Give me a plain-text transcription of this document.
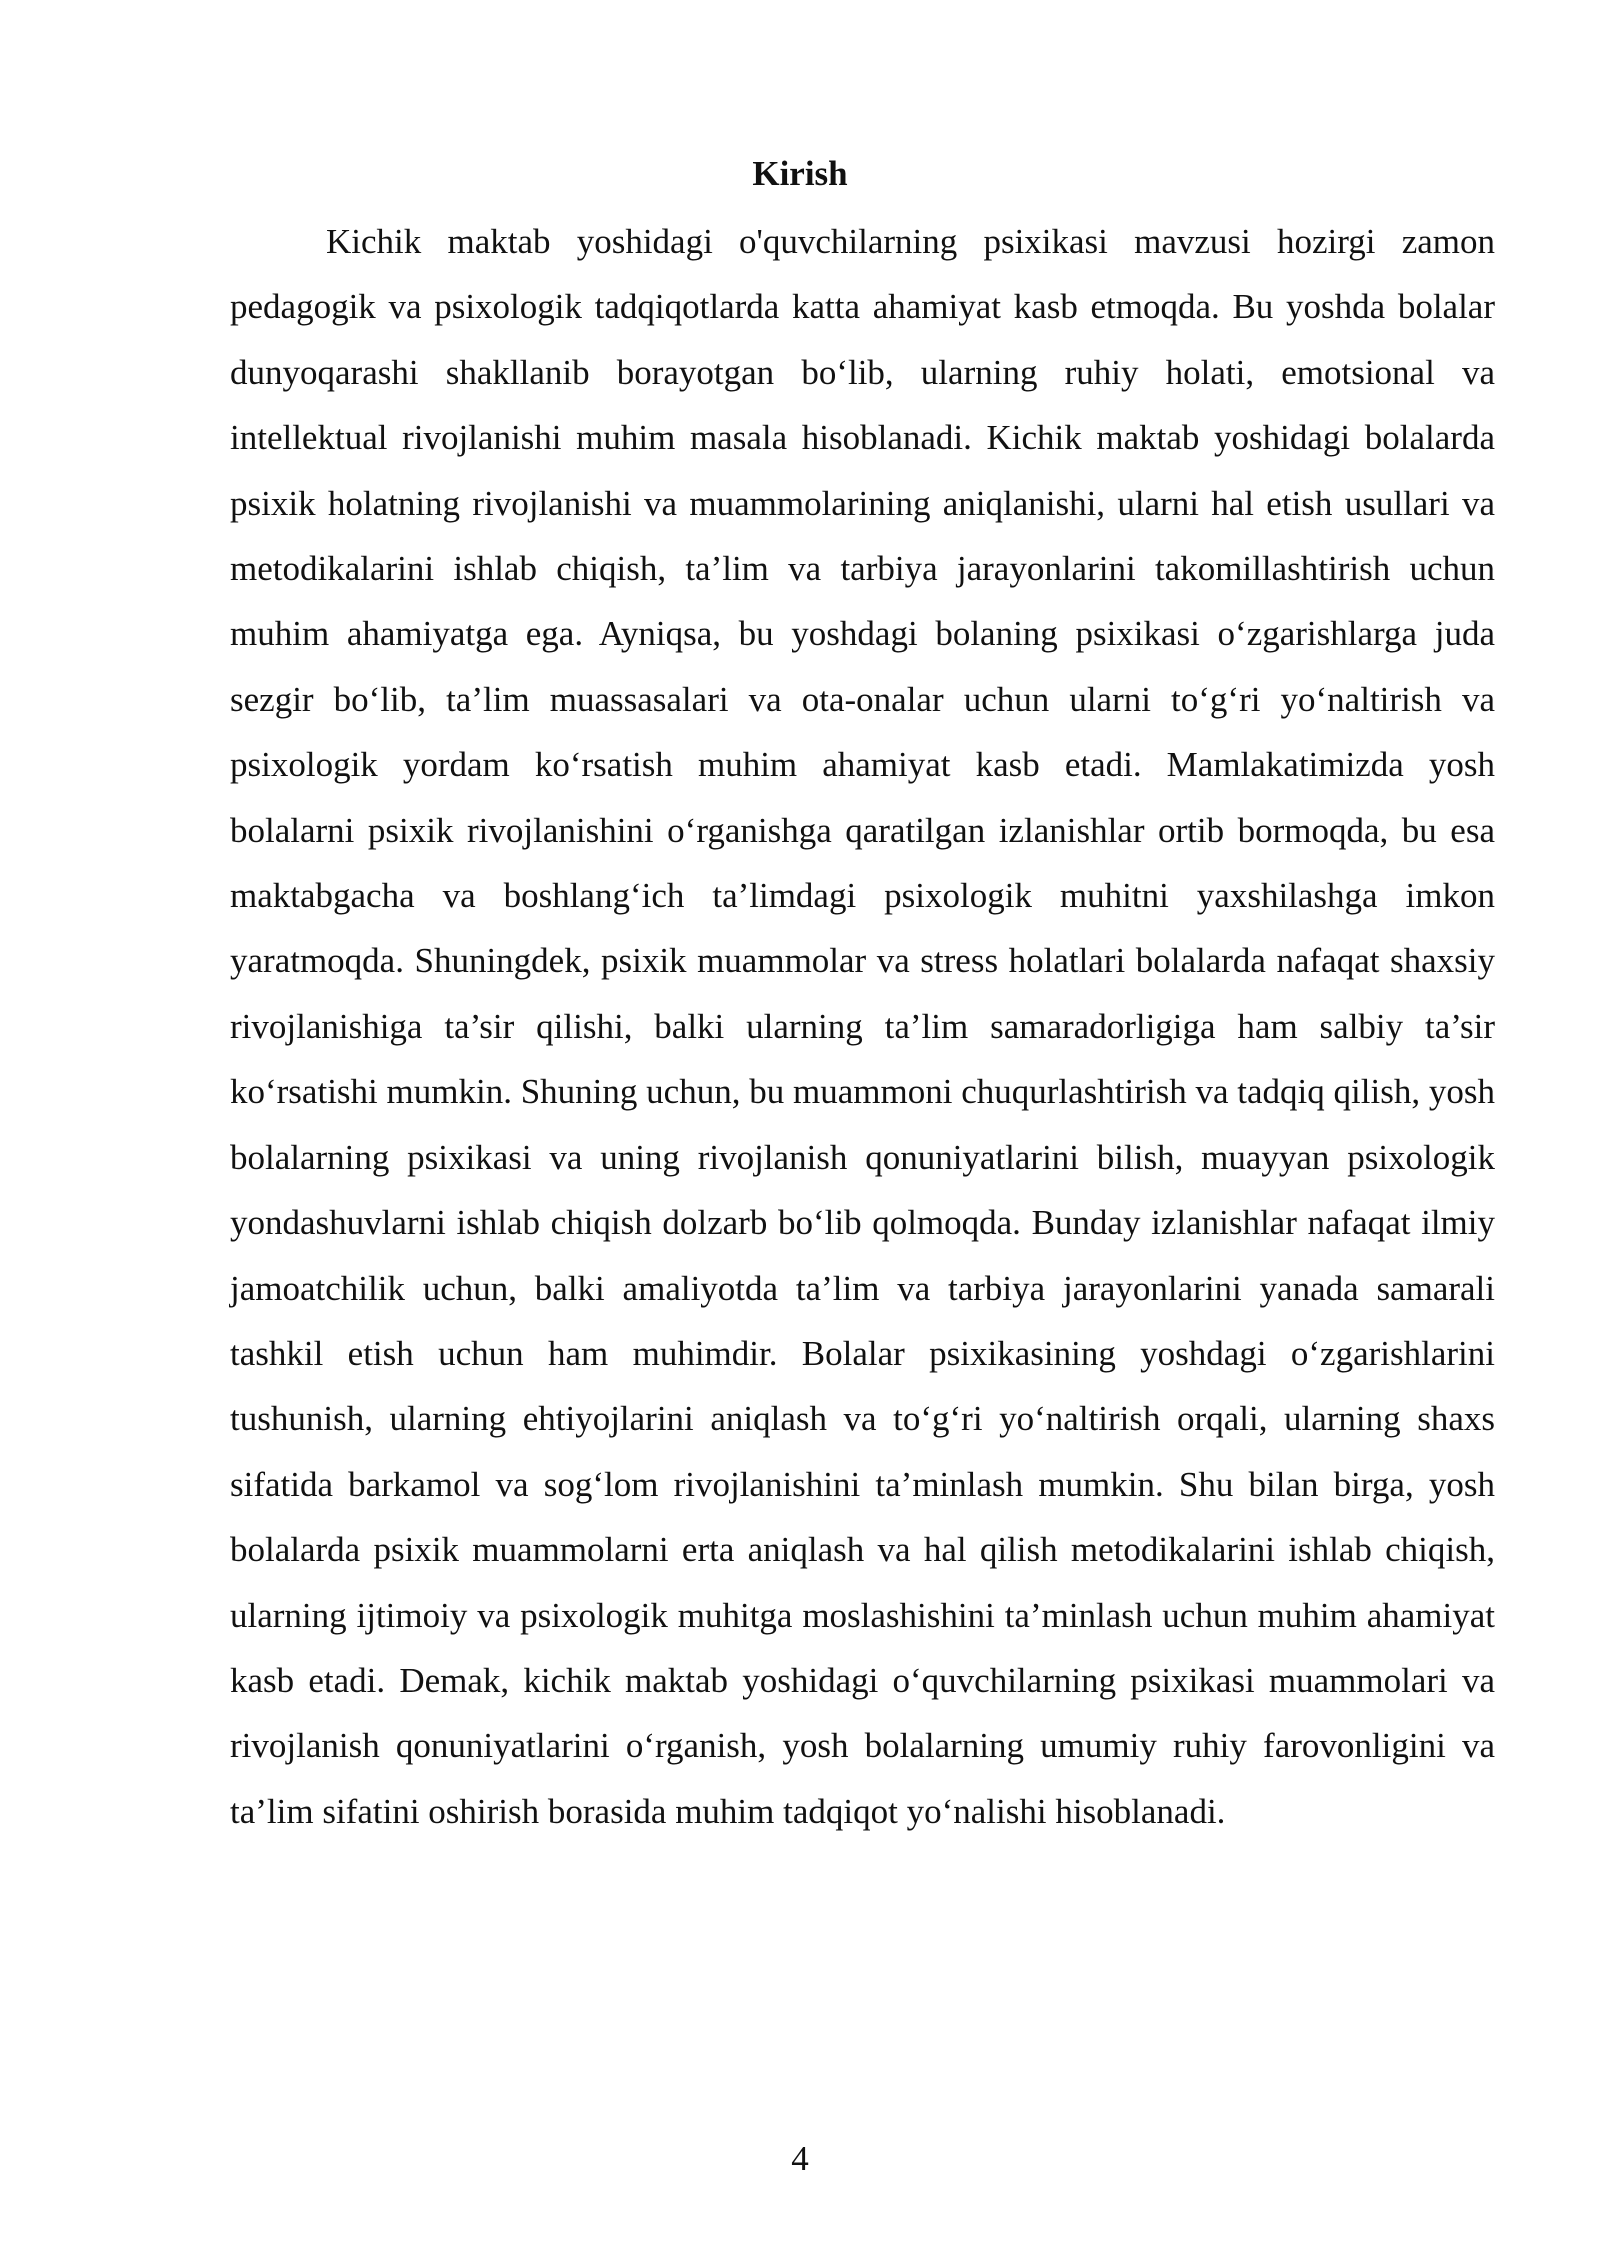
Kirish

Kichik maktab yoshidagi o'quvchilarning psixikasi mavzusi hozirgi zamon pedagogik va psixologik tadqiqotlarda katta ahamiyat kasb etmoqda. Bu yoshda bolalar dunyoqarashi shakllanib borayotgan bo‘lib, ularning ruhiy holati, emotsional va intellektual rivojlanishi muhim masala hisoblanadi. Kichik maktab yoshidagi bolalarda psixik holatning rivojlanishi va muammolarining aniqlanishi, ularni hal etish usullari va metodikalarini ishlab chiqish, ta’lim va tarbiya jarayonlarini takomillashtirish uchun muhim ahamiyatga ega. Ayniqsa, bu yoshdagi bolaning psixikasi o‘zgarishlarga juda sezgir bo‘lib, ta’lim muassasalari va ota-onalar uchun ularni to‘g‘ri yo‘naltirish va psixologik yordam ko‘rsatish muhim ahamiyat kasb etadi. Mamlakatimizda yosh bolalarni psixik rivojlanishini o‘rganishga qaratilgan izlanishlar ortib bormoqda, bu esa maktabgacha va boshlang‘ich ta’limdagi psixologik muhitni yaxshilashga imkon yaratmoqda. Shuningdek, psixik muammolar va stress holatlari bolalarda nafaqat shaxsiy rivojlanishiga ta’sir qilishi, balki ularning ta’lim samaradorligiga ham salbiy ta’sir ko‘rsatishi mumkin. Shuning uchun, bu muammoni chuqurlashtirish va tadqiq qilish, yosh bolalarning psixikasi va uning rivojlanish qonuniyatlarini bilish, muayyan psixologik yondashuvlarni ishlab chiqish dolzarb bo‘lib qolmoqda. Bunday izlanishlar nafaqat ilmiy jamoatchilik uchun, balki amaliyotda ta’lim va tarbiya jarayonlarini yanada samarali tashkil etish uchun ham muhimdir. Bolalar psixikasining yoshdagi o‘zgarishlarini tushunish, ularning ehtiyojlarini aniqlash va to‘g‘ri yo‘naltirish orqali, ularning shaxs sifatida barkamol va sog‘lom rivojlanishini ta’minlash mumkin. Shu bilan birga, yosh bolalarda psixik muammolarni erta aniqlash va hal qilish metodikalarini ishlab chiqish, ularning ijtimoiy va psixologik muhitga moslashishini ta’minlash uchun muhim ahamiyat kasb etadi. Demak, kichik maktab yoshidagi o‘quvchilarning psixikasi muammolari va rivojlanish qonuniyatlarini o‘rganish, yosh bolalarning umumiy ruhiy farovonligini va ta’lim sifatini oshirish borasida muhim tadqiqot yo‘nalishi hisoblanadi.

4
